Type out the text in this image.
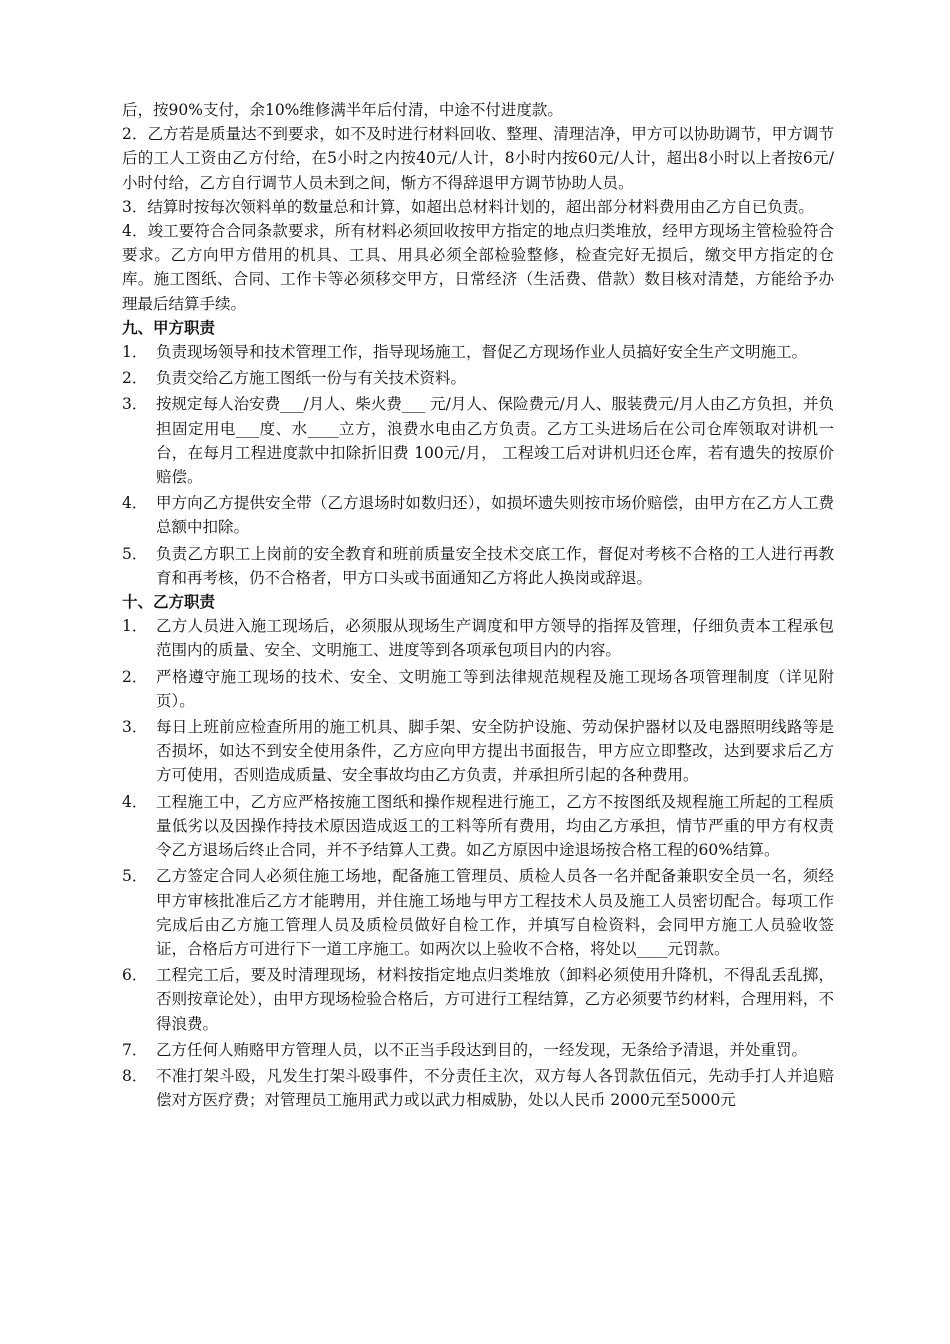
后，按90%支付，余10%维修满半年后付清，中途不付进度款。

2．乙方若是质量达不到要求，如不及时进行材料回收、整理、清理洁净，甲方可以协助调节，甲方调节后的工人工资由乙方付给，在5小时之内按40元/人计，8小时内按60元/人计，超出8小时以上者按6元/小时付给，乙方自行调节人员未到之间，惭方不得辞退甲方调节协助人员。

3．结算时按每次领料单的数量总和计算，如超出总材料计划的，超出部分材料费用由乙方自已负责。

4．竣工要符合合同条款要求，所有材料必须回收按甲方指定的地点归类堆放，经甲方现场主管检验符合要求。乙方向甲方借用的机具、工具、用具必须全部检验整修，检查完好无损后，缴交甲方指定的仓库。施工图纸、合同、工作卡等必须移交甲方，日常经济（生活费、借款）数目核对清楚，方能给予办理最后结算手续。

九、甲方职责

1． 负责现场领导和技术管理工作，指导现场施工，督促乙方现场作业人员搞好安全生产文明施工。
2． 负责交给乙方施工图纸一份与有关技术资料。
3． 按规定每人治安费___/月人、柴火费___ 元/月人、保险费元/月人、服装费元/月人由乙方负担，并负担固定用电___度、水____立方，浪费水电由乙方负责。乙方工头进场后在公司仓库领取对讲机一台，在每月工程进度款中扣除折旧费 100元/月， 工程竣工后对讲机归还仓库，若有遗失的按原价赔偿。
4． 甲方向乙方提供安全带（乙方退场时如数归还），如损坏遗失则按市场价赔偿，由甲方在乙方人工费总额中扣除。
5． 负责乙方职工上岗前的安全教育和班前质量安全技术交底工作，督促对考核不合格的工人进行再教育和再考核，仍不合格者，甲方口头或书面通知乙方将此人换岗或辞退。

十、乙方职责

1． 乙方人员进入施工现场后，必须服从现场生产调度和甲方领导的指挥及管理，仔细负责本工程承包范围内的质量、安全、文明施工、进度等到各项承包项目内的内容。
2． 严格遵守施工现场的技术、安全、文明施工等到法律规范规程及施工现场各项管理制度（详见附页）。
3． 每日上班前应检查所用的施工机具、脚手架、安全防护设施、劳动保护器材以及电器照明线路等是否损坏，如达不到安全使用条件，乙方应向甲方提出书面报告，甲方应立即整改，达到要求后乙方方可使用，否则造成质量、安全事故均由乙方负责，并承担所引起的各种费用。
4． 工程施工中，乙方应严格按施工图纸和操作规程进行施工，乙方不按图纸及规程施工所起的工程质量低劣以及因操作持技术原因造成返工的工料等所有费用，均由乙方承担，情节严重的甲方有权责令乙方退场后终止合同，并不予结算人工费。如乙方原因中途退场按合格工程的60%结算。
5． 乙方签定合同人必须住施工场地，配备施工管理员、质检人员各一名并配备兼职安全员一名，须经甲方审核批准后乙方才能聘用，并住施工场地与甲方工程技术人员及施工人员密切配合。每项工作完成后由乙方施工管理人员及质检员做好自检工作，并填写自检资料，会同甲方施工人员验收签证，合格后方可进行下一道工序施工。如两次以上验收不合格，将处以____元罚款。
6． 工程完工后，要及时清理现场，材料按指定地点归类堆放（卸料必须使用升降机，不得乱丢乱掷，否则按章论处），由甲方现场检验合格后，方可进行工程结算，乙方必须要节约材料，合理用料，不得浪费。
7． 乙方任何人贿赂甲方管理人员，以不正当手段达到目的，一经发现，无条给予清退，并处重罚。
8． 不准打架斗殴，凡发生打架斗殴事件，不分责任主次，双方每人各罚款伍佰元，先动手打人并追赔偿对方医疗费；对管理员工施用武力或以武力相威胁，处以人民币 2000元至5000元
